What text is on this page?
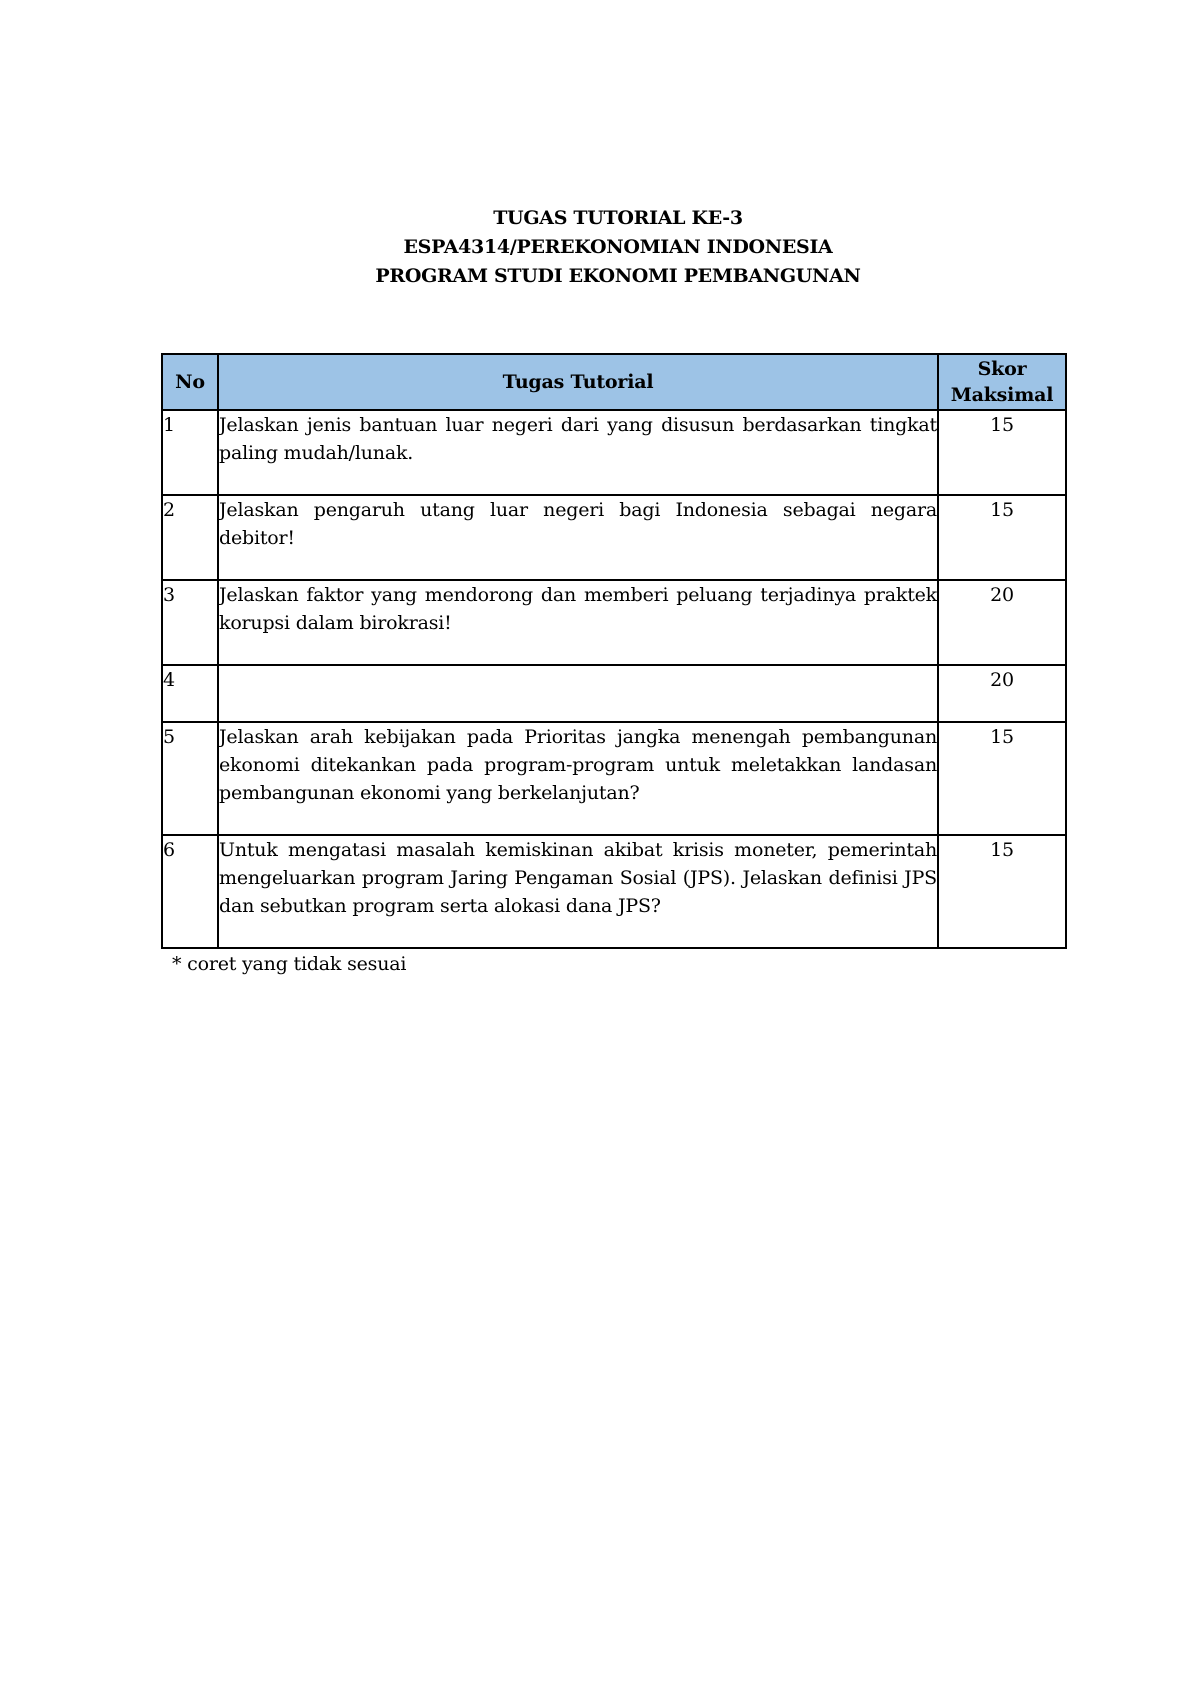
TUGAS TUTORIAL KE-3
ESPA4314/PEREKONOMIAN INDONESIA
PROGRAM STUDI EKONOMI PEMBANGUNAN
No	Tugas Tutorial	Skor Maksimal
1	Jelaskan jenis bantuan luar negeri dari yang disusun berdasarkan tingkat paling mudah/lunak.	15
2	Jelaskan pengaruh utang luar negeri bagi Indonesia sebagai negara debitor!	15
3	Jelaskan faktor yang mendorong dan memberi peluang terjadinya praktek korupsi dalam birokrasi!	20
4		20
5	Jelaskan arah kebijakan pada Prioritas jangka menengah pembangunan ekonomi ditekankan pada program-program untuk meletakkan landasan pembangunan ekonomi yang berkelanjutan?	15
6	Untuk mengatasi masalah kemiskinan akibat krisis moneter, pemerintah mengeluarkan program Jaring Pengaman Sosial (JPS). Jelaskan definisi JPS dan sebutkan program serta alokasi dana JPS?	15
* coret yang tidak sesuai
